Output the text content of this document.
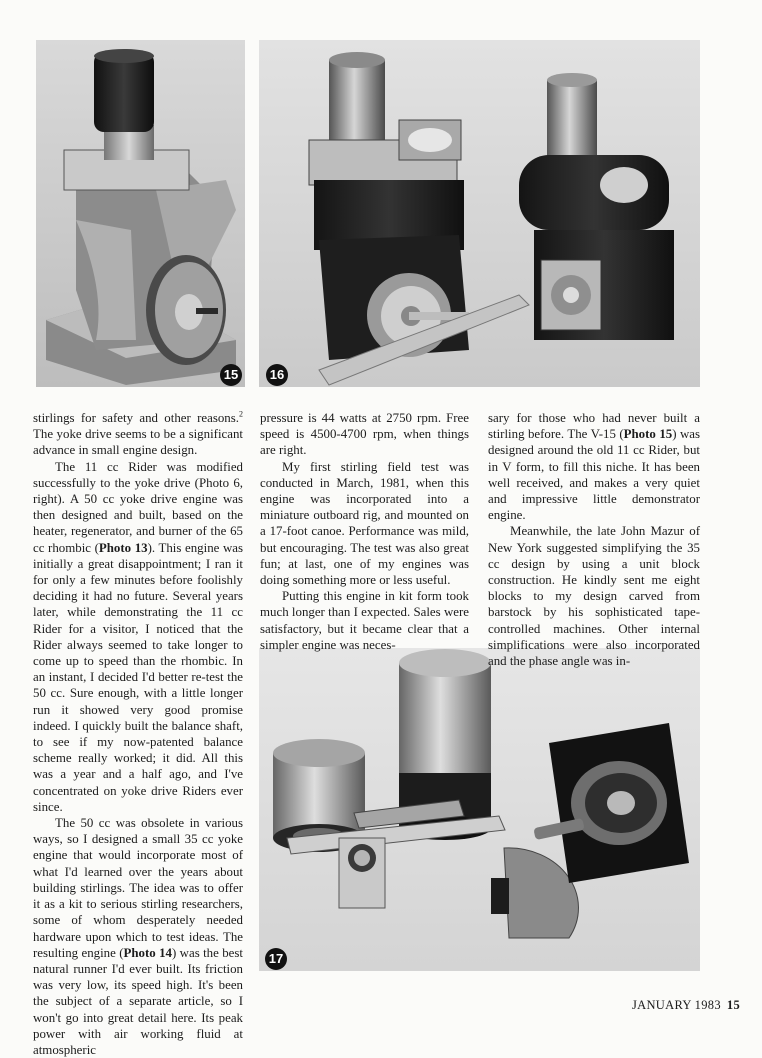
15 16
17

stirlings for safety and other reasons.$^2$ The yoke drive seems to be a significant advance in small engine design.

The 11 cc Rider was modified successfully to the yoke drive (Photo 6, right). A 50 cc yoke drive engine was then designed and built, based on the heater, regenerator, and burner of the 65 cc rhombic (Photo 13). This engine was initially a great disappointment; I ran it for only a few minutes before foolishly deciding it had no future. Several years later, while demonstrating the 11 cc Rider for a visitor, I noticed that the Rider always seemed to take longer to come up to speed than the rhombic. In an instant, I decided I'd better re-test the 50 cc. Sure enough, with a little longer run it showed very good promise indeed. I quickly built the balance shaft, to see if my now-patented balance scheme really worked; it did. All this was a year and a half ago, and I've concentrated on yoke drive Riders ever since.

The 50 cc was obsolete in various ways, so I designed a small 35 cc yoke engine that would incorporate most of what I'd learned over the years about building stirlings. The idea was to offer it as a kit to serious stirling researchers, some of whom desperately needed hardware upon which to test ideas. The resulting engine (Photo 14) was the best natural runner I'd ever built. Its friction was very low, its speed high. It's been the subject of a separate article, so I won't go into great detail here. Its peak power with air working fluid at atmospheric

pressure is 44 watts at 2750 rpm. Free speed is 4500-4700 rpm, when things are right.

My first stirling field test was conducted in March, 1981, when this engine was incorporated into a miniature outboard rig, and mounted on a 17-foot canoe. Performance was mild, but encouraging. The test was also great fun; at last, one of my engines was doing something more or less useful.

Putting this engine in kit form took much longer than I expected. Sales were satisfactory, but it became clear that a simpler engine was neces-

sary for those who had never built a stirling before. The V-15 (Photo 15) was designed around the old 11 cc Rider, but in V form, to fill this niche. It has been well received, and makes a very quiet and impressive little demonstrator engine.

Meanwhile, the late John Mazur of New York suggested simplifying the 35 cc design by using a unit block construction. He kindly sent me eight blocks to my design carved from barstock by his sophisticated tape-controlled machines. Other internal simplifications were also incorporated and the phase angle was in-

JANUARY 1983 15
